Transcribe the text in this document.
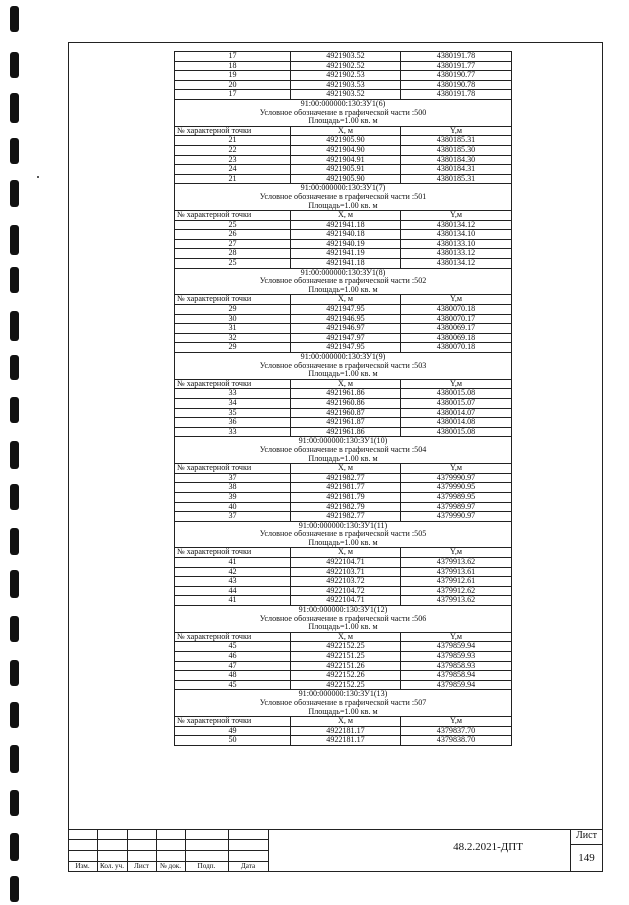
17	4921903.52	4380191.78
18	4921902.52	4380191.77
19	4921902.53	4380190.77
20	4921903.53	4380190.78
17	4921903.52	4380191.78
91:00:000000:130:ЗУ1(6)		
Условное обозначение в графической части :500		
Площадь=1.00 кв. м		
№ характерной точки	X, м	Y,м
21	4921905.90	4380185.31
22	4921904.90	4380185.30
23	4921904.91	4380184.30
24	4921905.91	4380184.31
21	4921905.90	4380185.31
91:00:000000:130:ЗУ1(7)		
Условное обозначение в графической части :501		
Площадь=1.00 кв. м		
№ характерной точки	X, м	Y,м
25	4921941.18	4380134.12
26	4921940.18	4380134.10
27	4921940.19	4380133.10
28	4921941.19	4380133.12
25	4921941.18	4380134.12
91:00:000000:130:ЗУ1(8)		
Условное обозначение в графической части :502		
Площадь=1.00 кв. м		
№ характерной точки	X, м	Y,м
29	4921947.95	4380070.18
30	4921946.95	4380070.17
31	4921946.97	4380069.17
32	4921947.97	4380069.18
29	4921947.95	4380070.18
91:00:000000:130:ЗУ1(9)		
Условное обозначение в графической части :503		
Площадь=1.00 кв. м		
№ характерной точки	X, м	Y,м
33	4921961.86	4380015.08
34	4921960.86	4380015.07
35	4921960.87	4380014.07
36	4921961.87	4380014.08
33	4921961.86	4380015.08
91:00:000000:130:ЗУ1(10)		
Условное обозначение в графической части :504		
Площадь=1.00 кв. м		
№ характерной точки	X, м	Y,м
37	4921982.77	4379990.97
38	4921981.77	4379990.95
39	4921981.79	4379989.95
40	4921982.79	4379989.97
37	4921982.77	4379990.97
91:00:000000:130:ЗУ1(11)		
Условное обозначение в графической части :505		
Площадь=1.00 кв. м		
№ характерной точки	X, м	Y,м
41	4922104.71	4379913.62
42	4922103.71	4379913.61
43	4922103.72	4379912.61
44	4922104.72	4379912.62
41	4922104.71	4379913.62
91:00:000000:130:ЗУ1(12)		
Условное обозначение в графической части :506		
Площадь=1.00 кв. м		
№ характерной точки	X, м	Y,м
45	4922152.25	4379859.94
46	4922151.25	4379859.93
47	4922151.26	4379858.93
48	4922152.26	4379858.94
45	4922152.25	4379859.94
91:00:000000:130:ЗУ1(13)		
Условное обозначение в графической части :507		
Площадь=1.00 кв. м		
№ характерной точки	X, м	Y,м
49	4922181.17	4379837.70
50	4922181.17	4379838.70
Изм.	Кол. уч.	Лист	№ док.	Подп.	Дата
48.2.2021-ДПТ
Лист
149
